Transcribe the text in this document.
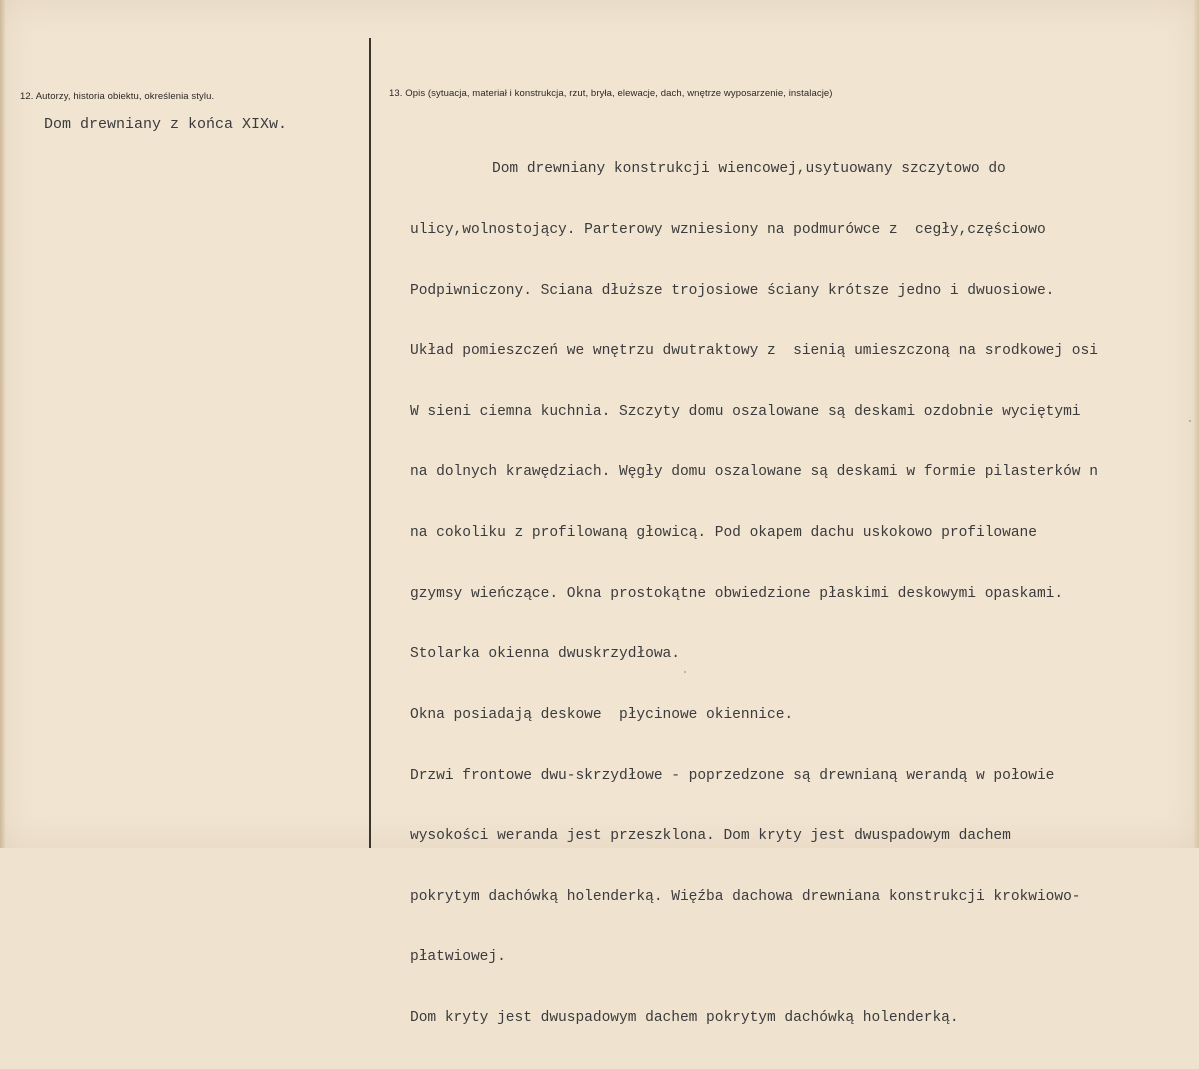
12. Autorzy, historia obiektu, określenia stylu.
Dom drewniany z końca XIXw.
13. Opis (sytuacja, materiał i konstrukcja, rzut, bryła, elewacje, dach, wnętrze wyposarzenie, instalacje)

Dom drewniany konstrukcji wiencowej,usytuowany szczytowo do

ulicy,wolnostojący. Parterowy wzniesiony na podmurówce z  cegły,częściowo

Podpiwniczony. Sciana dłuższe trojosiowe ściany krótsze jedno i dwuosiowe.

Układ pomieszczeń we wnętrzu dwutraktowy z  sienią umieszczoną na srodkowej osi

W sieni ciemna kuchnia. Szczyty domu oszalowane są deskami ozdobnie wyciętymi

na dolnych krawędziach. Węgły domu oszalowane są deskami w formie pilasterków n

na cokoliku z profilowaną głowicą. Pod okapem dachu uskokowo profilowane

gzymsy wieńczące. Okna prostokątne obwiedzione płaskimi deskowymi opaskami.

Stolarka okienna dwuskrzydłowa.

Okna posiadają deskowe  płycinowe okiennice.

Drzwi frontowe dwu-skrzydłowe - poprzedzone są drewnianą werandą w połowie

wysokości weranda jest przeszklona. Dom kryty jest dwuspadowym dachem

pokrytym dachówką holenderką. Więźba dachowa drewniana konstrukcji krokwiowo-

płatwiowej.

Dom kryty jest dwuspadowym dachem pokrytym dachówką holenderką.
